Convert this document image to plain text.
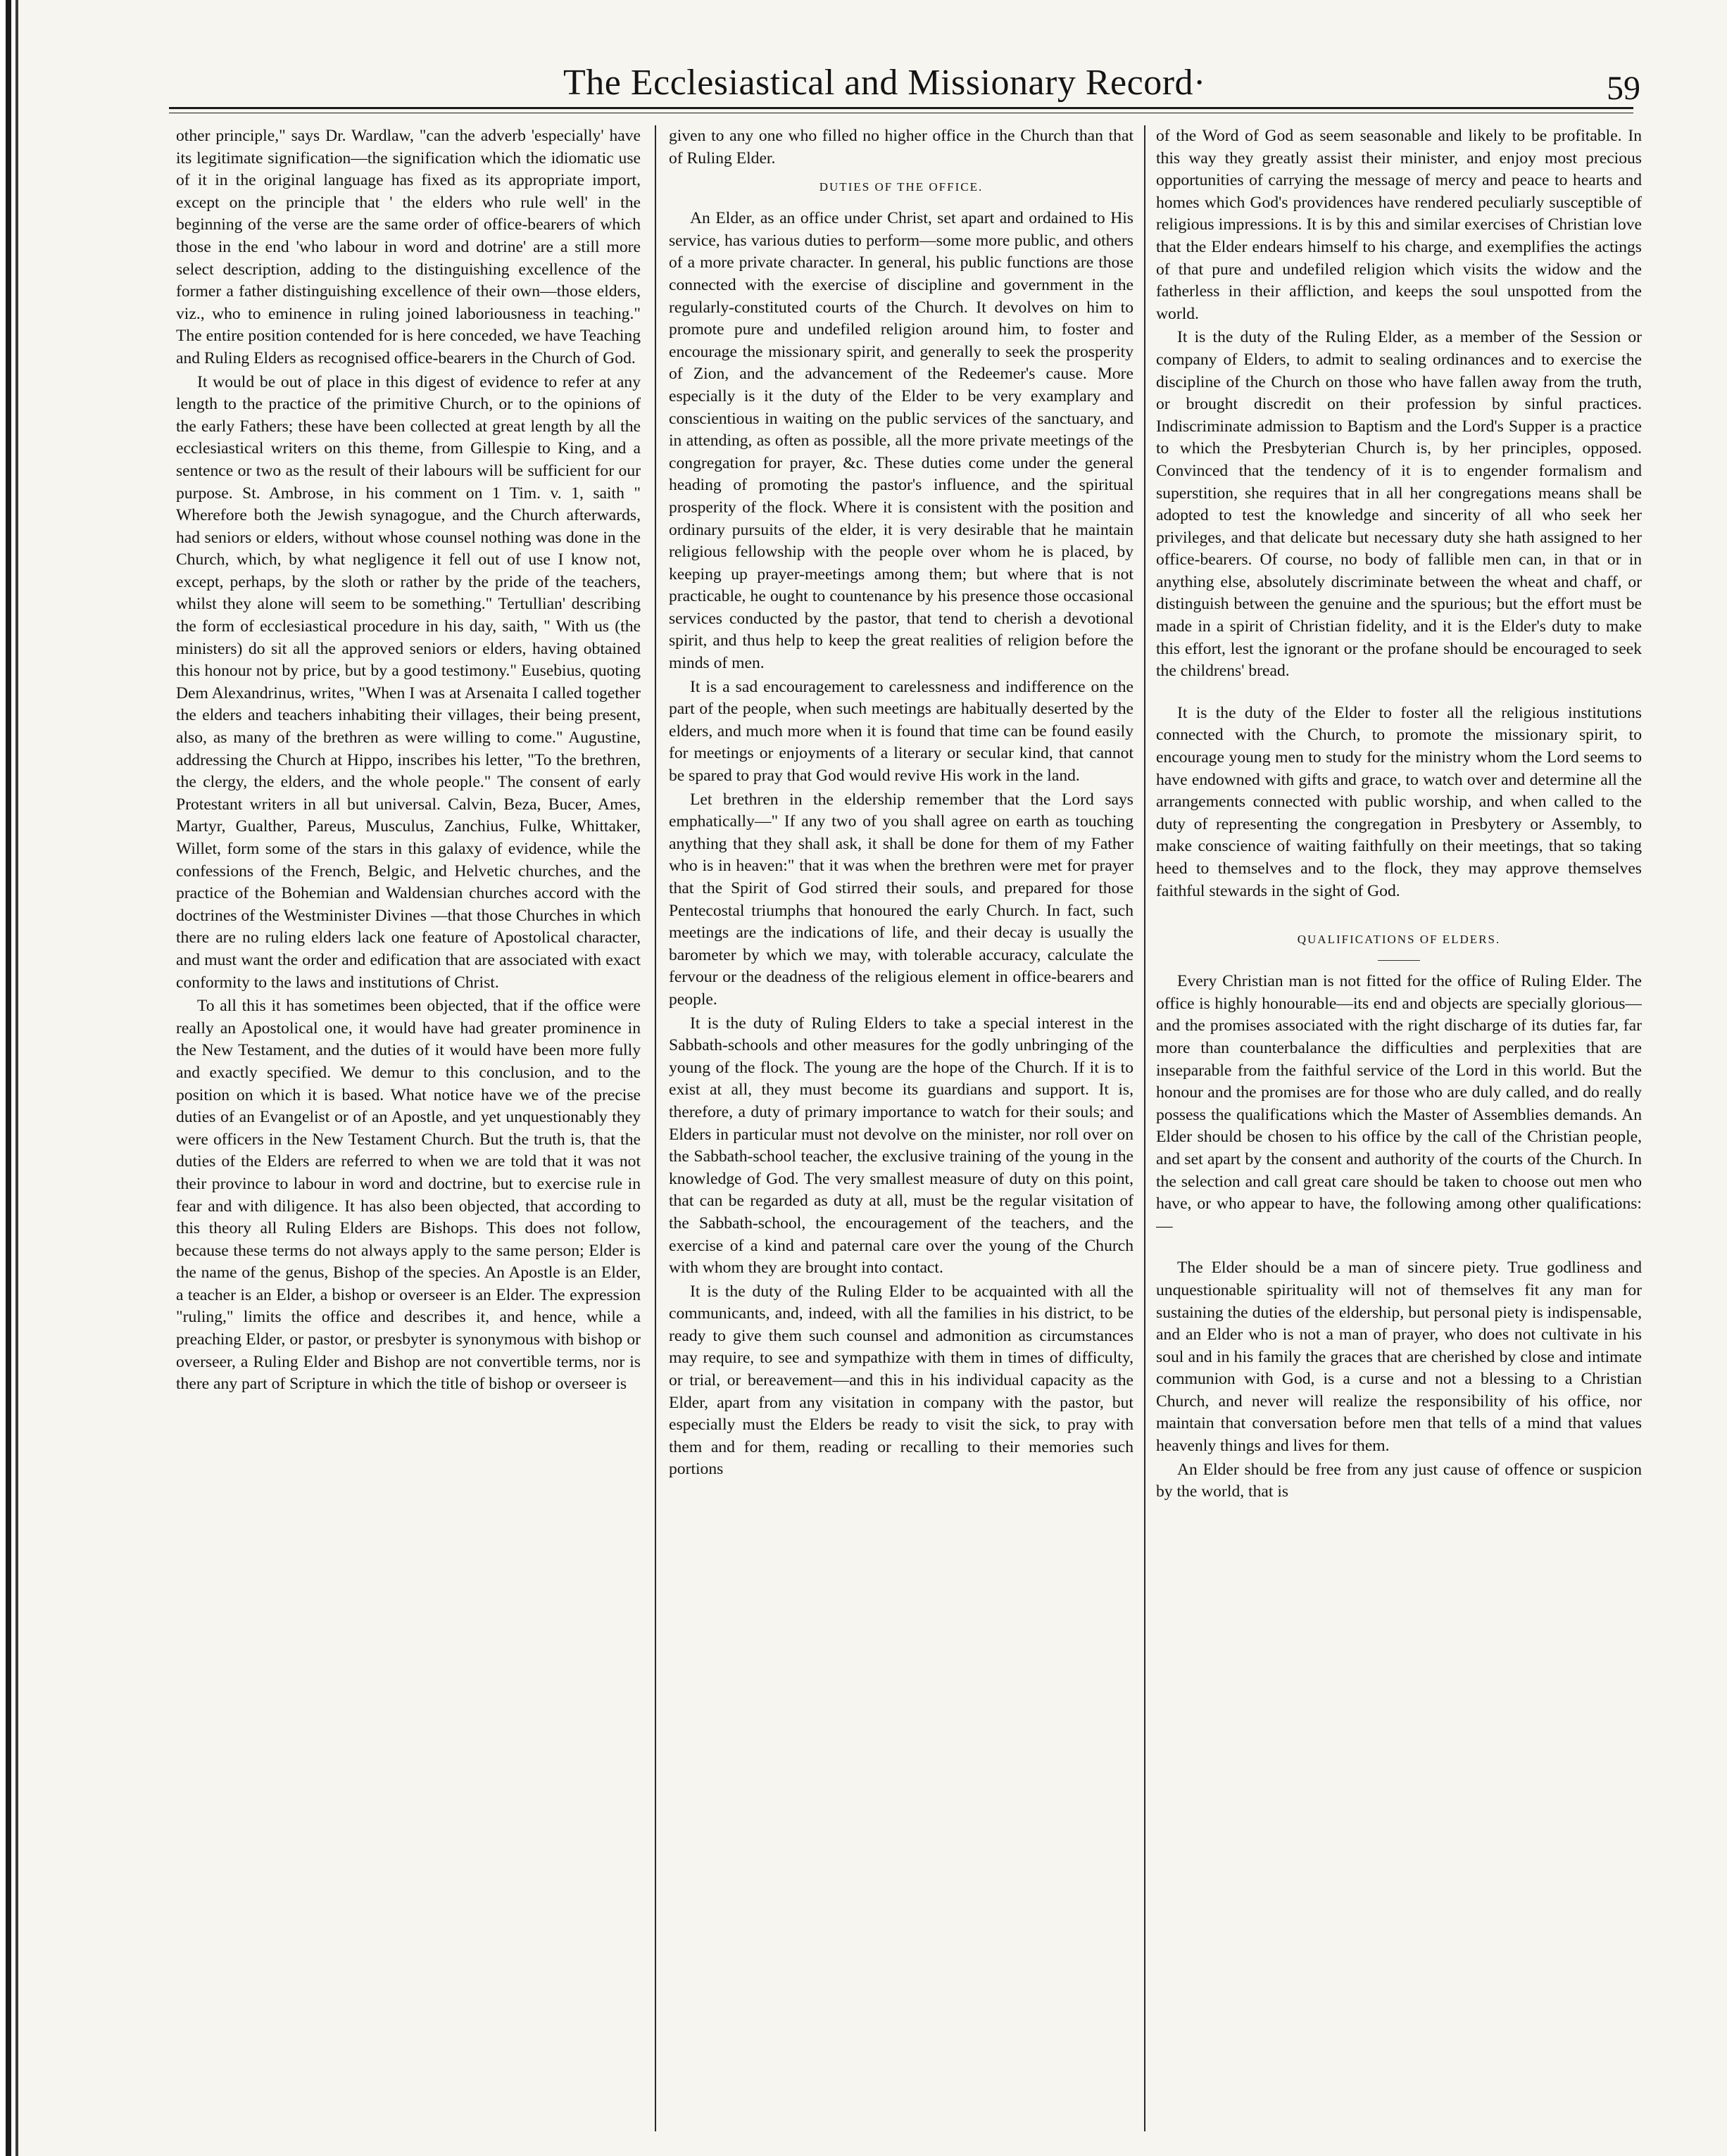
The Ecclesiastical and Missionary Record·	59

other principle," says Dr. Wardlaw, "can the adverb 'especially' have its legitimate signification—the signification which the idiomatic use of it in the original language has fixed as its appropriate import, except on the principle that ' the elders who rule well' in the beginning of the verse are the same order of office-bearers of which those in the end 'who labour in word and dotrine' are a still more select description, adding to the distinguishing excellence of the former a father distinguishing excellence of their own—those elders, viz., who to eminence in ruling joined laboriousness in teaching." The entire position contended for is here conceded, we have Teaching and Ruling Elders as recognised office-bearers in the Church of God.

It would be out of place in this digest of evidence to refer at any length to the practice of the primitive Church, or to the opinions of the early Fathers; these have been collected at great length by all the ecclesiastical writers on this theme, from Gillespie to King, and a sentence or two as the result of their labours will be sufficient for our purpose. St. Ambrose, in his comment on 1 Tim. v. 1, saith " Wherefore both the Jewish synagogue, and the Church afterwards, had seniors or elders, without whose counsel nothing was done in the Church, which, by what negligence it fell out of use I know not, except, perhaps, by the sloth or rather by the pride of the teachers, whilst they alone will seem to be something." Tertullian' describing the form of ecclesiastical procedure in his day, saith, " With us (the ministers) do sit all the approved seniors or elders, having obtained this honour not by price, but by a good testimony." Eusebius, quoting Dem Alexandrinus, writes, "When I was at Arsenaita I called together the elders and teachers inhabiting their villages, their being present, also, as many of the brethren as were willing to come." Augustine, addressing the Church at Hippo, inscribes his letter, "To the brethren, the clergy, the elders, and the whole people." The consent of early Protestant writers in all but universal. Calvin, Beza, Bucer, Ames, Martyr, Gualther, Pareus, Musculus, Zanchius, Fulke, Whittaker, Willet, form some of the stars in this galaxy of evidence, while the confessions of the French, Belgic, and Helvetic churches, and the practice of the Bohemian and Waldensian churches accord with the doctrines of the Westminister Divines —that those Churches in which there are no ruling elders lack one feature of Apostolical character, and must want the order and edification that are associated with exact conformity to the laws and institutions of Christ.

To all this it has sometimes been objected, that if the office were really an Apostolical one, it would have had greater prominence in the New Testament, and the duties of it would have been more fully and exactly specified. We demur to this conclusion, and to the position on which it is based. What notice have we of the precise duties of an Evangelist or of an Apostle, and yet unquestionably they were officers in the New Testament Church. But the truth is, that the duties of the Elders are referred to when we are told that it was not their province to labour in word and doctrine, but to exercise rule in fear and with diligence. It has also been objected, that according to this theory all Ruling Elders are Bishops. This does not follow, because these terms do not always apply to the same person; Elder is the name of the genus, Bishop of the species. An Apostle is an Elder, a teacher is an Elder, a bishop or overseer is an Elder. The expression "ruling," limits the office and describes it, and hence, while a preaching Elder, or pastor, or presbyter is synonymous with bishop or overseer, a Ruling Elder and Bishop are not convertible terms, nor is there any part of Scripture in which the title of bishop or overseer is

given to any one who filled no higher office in the Church than that of Ruling Elder.

DUTIES OF THE OFFICE.

An Elder, as an office under Christ, set apart and ordained to His service, has various duties to perform—some more public, and others of a more private character. In general, his public functions are those connected with the exercise of discipline and government in the regularly-constituted courts of the Church. It devolves on him to promote pure and undefiled religion around him, to foster and encourage the missionary spirit, and generally to seek the prosperity of Zion, and the advancement of the Redeemer's cause. More especially is it the duty of the Elder to be very examplary and conscientious in waiting on the public services of the sanctuary, and in attending, as often as possible, all the more private meetings of the congregation for prayer, &c. These duties come under the general heading of promoting the pastor's influence, and the spiritual prosperity of the flock. Where it is consistent with the position and ordinary pursuits of the elder, it is very desirable that he maintain religious fellowship with the people over whom he is placed, by keeping up prayer-meetings among them; but where that is not practicable, he ought to countenance by his presence those occasional services conducted by the pastor, that tend to cherish a devotional spirit, and thus help to keep the great realities of religion before the minds of men.

It is a sad encouragement to carelessness and indifference on the part of the people, when such meetings are habitually deserted by the elders, and much more when it is found that time can be found easily for meetings or enjoyments of a literary or secular kind, that cannot be spared to pray that God would revive His work in the land.

Let brethren in the eldership remember that the Lord says emphatically—" If any two of you shall agree on earth as touching anything that they shall ask, it shall be done for them of my Father who is in heaven:" that it was when the brethren were met for prayer that the Spirit of God stirred their souls, and prepared for those Pentecostal triumphs that honoured the early Church. In fact, such meetings are the indications of life, and their decay is usually the barometer by which we may, with tolerable accuracy, calculate the fervour or the deadness of the religious element in office-bearers and people.

It is the duty of Ruling Elders to take a special interest in the Sabbath-schools and other measures for the godly unbringing of the young of the flock. The young are the hope of the Church. If it is to exist at all, they must become its guardians and support. It is, therefore, a duty of primary importance to watch for their souls; and Elders in particular must not devolve on the minister, nor roll over on the Sabbath-school teacher, the exclusive training of the young in the knowledge of God. The very smallest measure of duty on this point, that can be regarded as duty at all, must be the regular visitation of the Sabbath-school, the encouragement of the teachers, and the exercise of a kind and paternal care over the young of the Church with whom they are brought into contact.

It is the duty of the Ruling Elder to be acquainted with all the communicants, and, indeed, with all the families in his district, to be ready to give them such counsel and admonition as circumstances may require, to see and sympathize with them in times of difficulty, or trial, or bereavement—and this in his individual capacity as the Elder, apart from any visitation in company with the pastor, but especially must the Elders be ready to visit the sick, to pray with them and for them, reading or recalling to their memories such portions

of the Word of God as seem seasonable and likely to be profitable. In this way they greatly assist their minister, and enjoy most precious opportunities of carrying the message of mercy and peace to hearts and homes which God's providences have rendered peculiarly susceptible of religious impressions. It is by this and similar exercises of Christian love that the Elder endears himself to his charge, and exemplifies the actings of that pure and undefiled religion which visits the widow and the fatherless in their affliction, and keeps the soul unspotted from the world.

It is the duty of the Ruling Elder, as a member of the Session or company of Elders, to admit to sealing ordinances and to exercise the discipline of the Church on those who have fallen away from the truth, or brought discredit on their profession by sinful practices. Indiscriminate admission to Baptism and the Lord's Supper is a practice to which the Presbyterian Church is, by her principles, opposed. Convinced that the tendency of it is to engender formalism and superstition, she requires that in all her congregations means shall be adopted to test the knowledge and sincerity of all who seek her privileges, and that delicate but necessary duty she hath assigned to her office-bearers. Of course, no body of fallible men can, in that or in anything else, absolutely discriminate between the wheat and chaff, or distinguish between the genuine and the spurious; but the effort must be made in a spirit of Christian fidelity, and it is the Elder's duty to make this effort, lest the ignorant or the profane should be encouraged to seek the childrens' bread.

It is the duty of the Elder to foster all the religious institutions connected with the Church, to promote the missionary spirit, to encourage young men to study for the ministry whom the Lord seems to have endowned with gifts and grace, to watch over and determine all the arrangements connected with public worship, and when called to the duty of representing the congregation in Presbytery or Assembly, to make conscience of waiting faithfully on their meetings, that so taking heed to themselves and to the flock, they may approve themselves faithful stewards in the sight of God.

QUALIFICATIONS OF ELDERS.

Every Christian man is not fitted for the office of Ruling Elder. The office is highly honourable—its end and objects are specially glorious—and the promises associated with the right discharge of its duties far, far more than counterbalance the difficulties and perplexities that are inseparable from the faithful service of the Lord in this world. But the honour and the promises are for those who are duly called, and do really possess the qualifications which the Master of Assemblies demands. An Elder should be chosen to his office by the call of the Christian people, and set apart by the consent and authority of the courts of the Church. In the selection and call great care should be taken to choose out men who have, or who appear to have, the following among other qualifications:—

The Elder should be a man of sincere piety. True godliness and unquestionable spirituality will not of themselves fit any man for sustaining the duties of the eldership, but personal piety is indispensable, and an Elder who is not a man of prayer, who does not cultivate in his soul and in his family the graces that are cherished by close and intimate communion with God, is a curse and not a blessing to a Christian Church, and never will realize the responsibility of his office, nor maintain that conversation before men that tells of a mind that values heavenly things and lives for them.

An Elder should be free from any just cause of offence or suspicion by the world, that is
